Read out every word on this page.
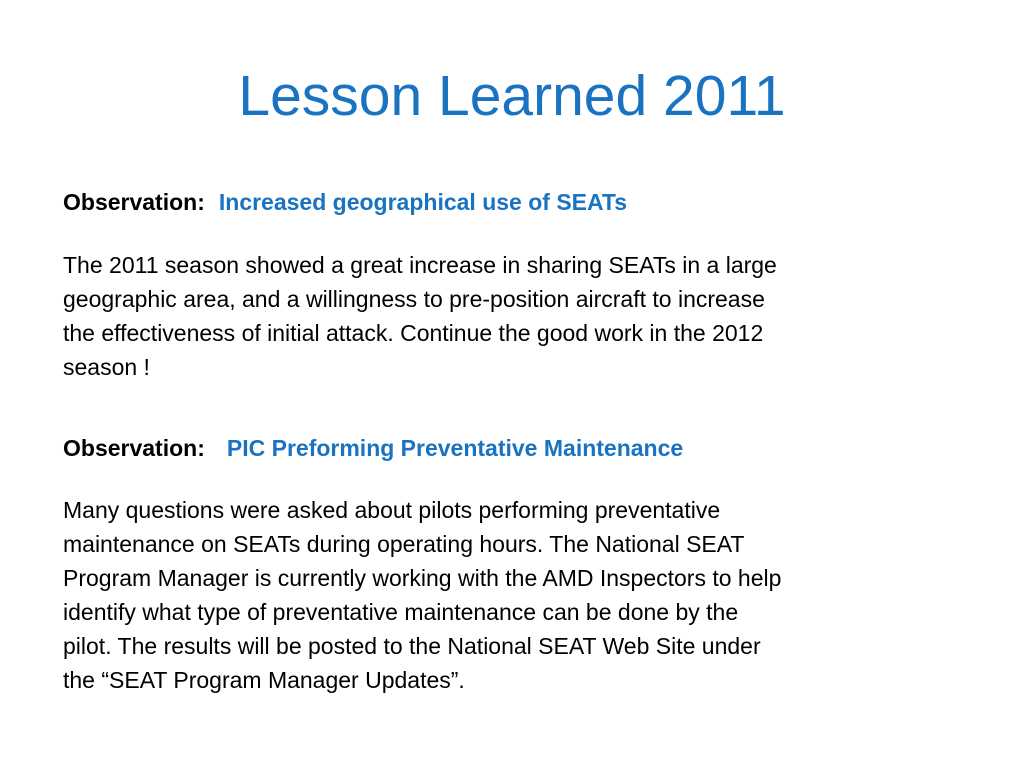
Lesson Learned 2011
Observation: Increased geographical use of SEATs

The 2011 season showed a great increase in sharing SEATs in a large
geographic area, and a willingness to pre-position aircraft to increase
the effectiveness of initial attack. Continue the good work in the 2012
season !

Observation: PIC Preforming Preventative Maintenance

Many questions were asked about pilots performing preventative
maintenance on SEATs during operating hours. The National SEAT
Program Manager is currently working with the AMD Inspectors to help
identify what type of preventative maintenance can be done by the
pilot. The results will be posted to the National SEAT Web Site under
the “SEAT Program Manager Updates”.
